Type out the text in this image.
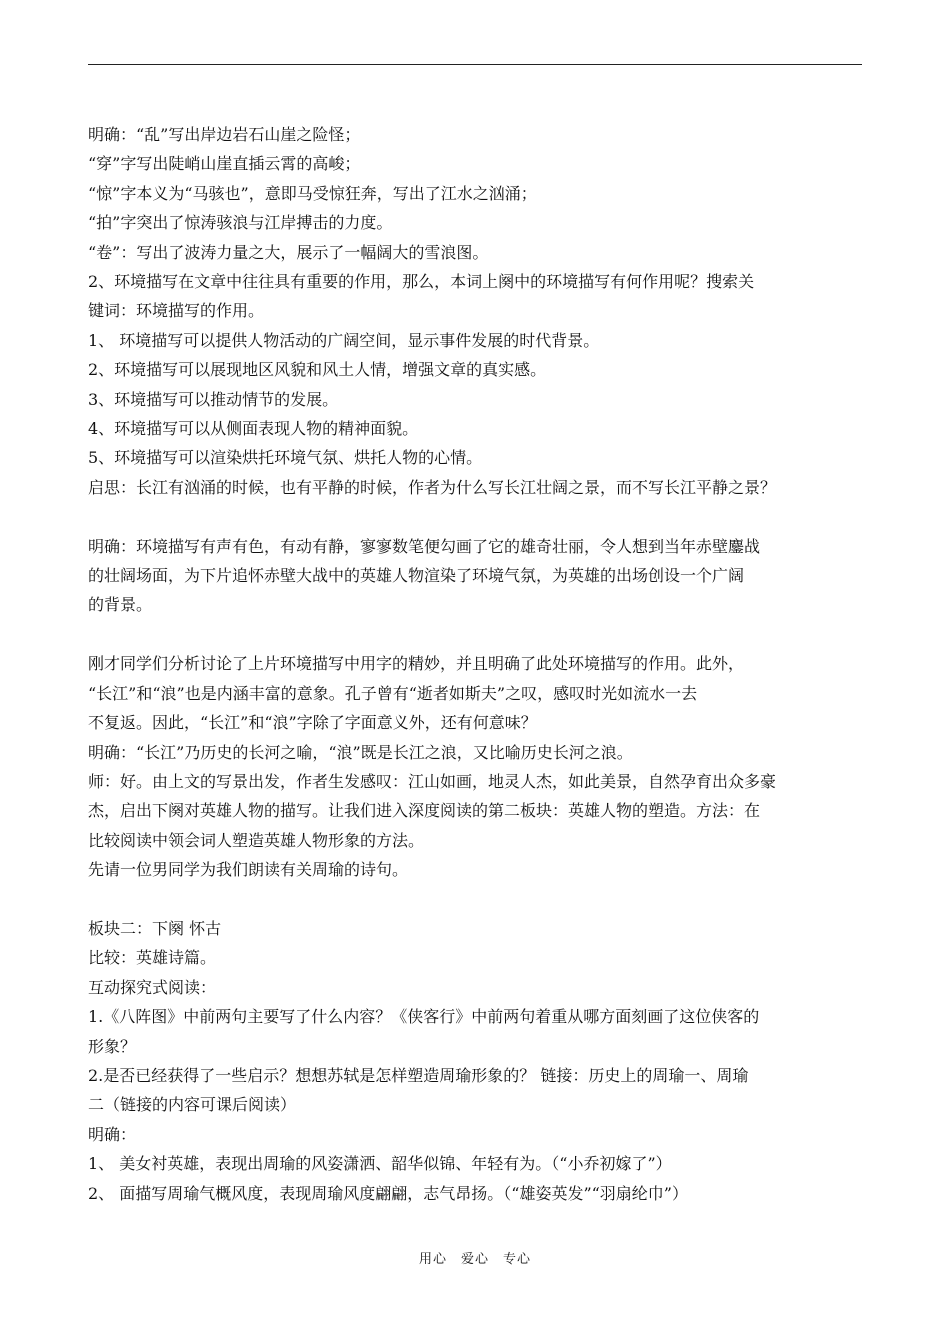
明确：“乱”写出岸边岩石山崖之险怪；

“穿”字写出陡峭山崖直插云霄的高峻；

“惊”字本义为“马骇也”，意即马受惊狂奔，写出了江水之汹涌；

“拍”字突出了惊涛骇浪与江岸搏击的力度。

“卷”：写出了波涛力量之大，展示了一幅阔大的雪浪图。

2、环境描写在文章中往往具有重要的作用，那么，本词上阕中的环境描写有何作用呢？搜索关

键词：环境描写的作用。

1、 环境描写可以提供人物活动的广阔空间，显示事件发展的时代背景。

2、环境描写可以展现地区风貌和风土人情，增强文章的真实感。

3、环境描写可以推动情节的发展。

4、环境描写可以从侧面表现人物的精神面貌。

5、环境描写可以渲染烘托环境气氛、烘托人物的心情。

启思：长江有汹涌的时候，也有平静的时候，作者为什么写长江壮阔之景，而不写长江平静之景？

明确：环境描写有声有色，有动有静，寥寥数笔便勾画了它的雄奇壮丽，令人想到当年赤壁鏖战

的壮阔场面，为下片追怀赤壁大战中的英雄人物渲染了环境气氛，为英雄的出场创设一个广阔

的背景。

刚才同学们分析讨论了上片环境描写中用字的精妙，并且明确了此处环境描写的作用。此外，

“长江”和“浪”也是内涵丰富的意象。孔子曾有“逝者如斯夫”之叹，感叹时光如流水一去

不复返。因此，“长江”和“浪”字除了字面意义外，还有何意味？

明确：“长江”乃历史的长河之喻，“浪”既是长江之浪，又比喻历史长河之浪。

师：好。由上文的写景出发，作者生发感叹：江山如画，地灵人杰，如此美景，自然孕育出众多豪

杰，启出下阕对英雄人物的描写。让我们进入深度阅读的第二板块：英雄人物的塑造。方法：在

比较阅读中领会词人塑造英雄人物形象的方法。

先请一位男同学为我们朗读有关周瑜的诗句。

板块二：下阕 怀古

比较：英雄诗篇。

互动探究式阅读：

1.《八阵图》中前两句主要写了什么内容？《侠客行》中前两句着重从哪方面刻画了这位侠客的

形象？

2.是否已经获得了一些启示？想想苏轼是怎样塑造周瑜形象的？ 链接：历史上的周瑜一、周瑜

二（链接的内容可课后阅读）

明确：

1、 美女衬英雄，表现出周瑜的风姿潇洒、韶华似锦、年轻有为。（“小乔初嫁了”）

2、 面描写周瑜气概风度，表现周瑜风度翩翩，志气昂扬。（“雄姿英发”“羽扇纶巾”）

用心　爱心　专心
